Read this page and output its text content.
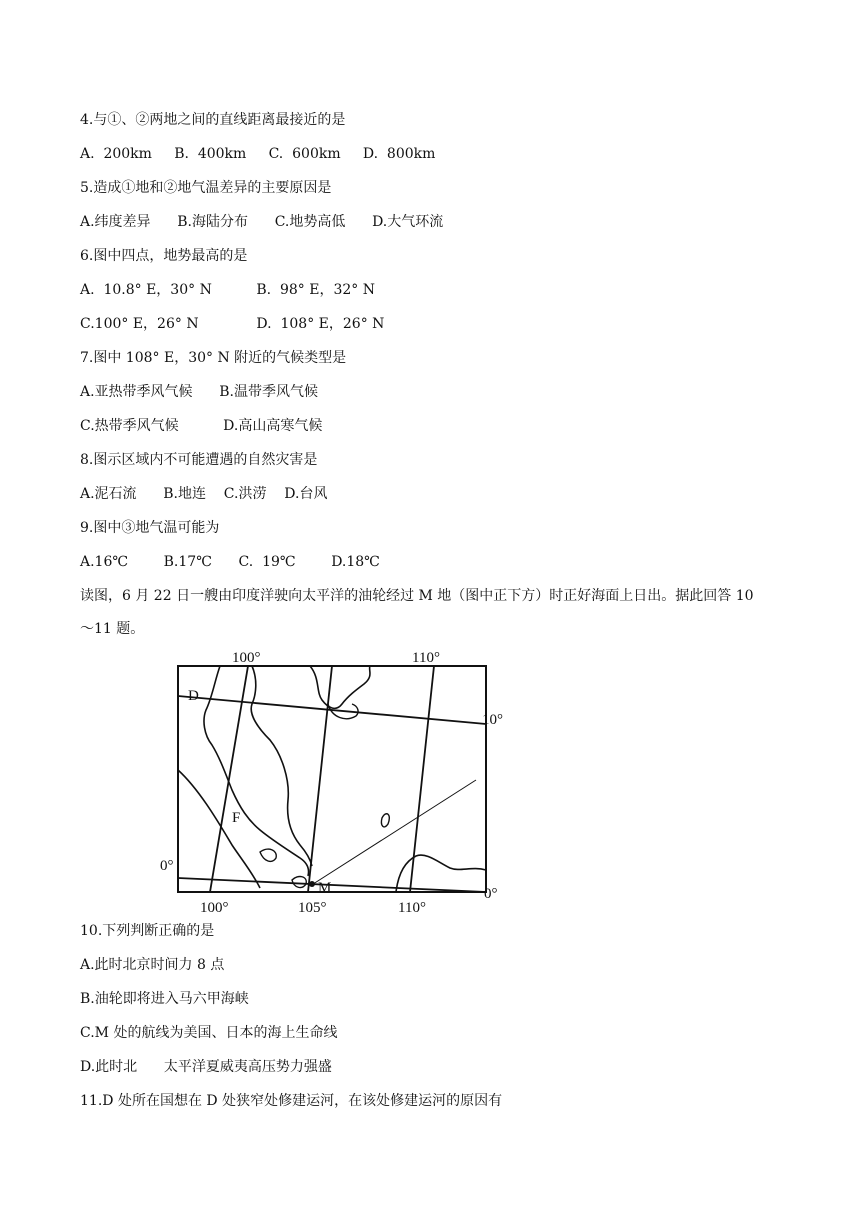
4.与①、②两地之间的直线距离最接近的是
A.  200km     B.  400km     C.  600km     D.  800km
5.造成①地和②地气温差异的主要原因是
A.纬度差异      B.海陆分布      C.地势高低      D.大气环流
6.图中四点，地势最高的是
A.  10.8° E，30° N          B.  98° E，32° N
C.100° E，26° N             D.  108° E，26° N
7.图中 108° E，30° N 附近的气候类型是
A.亚热带季风气候      B.温带季风气候
C.热带季风气候          D.高山高寒气候
8.图示区域内不可能遭遇的自然灾害是
A.泥石流      B.地连    C.洪涝    D.台风
9.图中③地气温可能为
A.16℃        B.17℃      C.  19℃        D.18℃
读图，6 月 22 日一艘由印度洋驶向太平洋的油轮经过 M 地（图中正下方）时正好海面上日出。据此回答 10
～11 题。
100°	110°
100°	105°	110°
10°
0°
0°
D
F
M
10.下列判断正确的是
A.此时北京时间力 8 点
B.油轮即将进入马六甲海峡
C.M 处的航线为美国、日本的海上生命线
D.此时北      太平洋夏威夷高压势力强盛
11.D 处所在国想在 D 处狭窄处修建运河，在该处修建运河的原因有
